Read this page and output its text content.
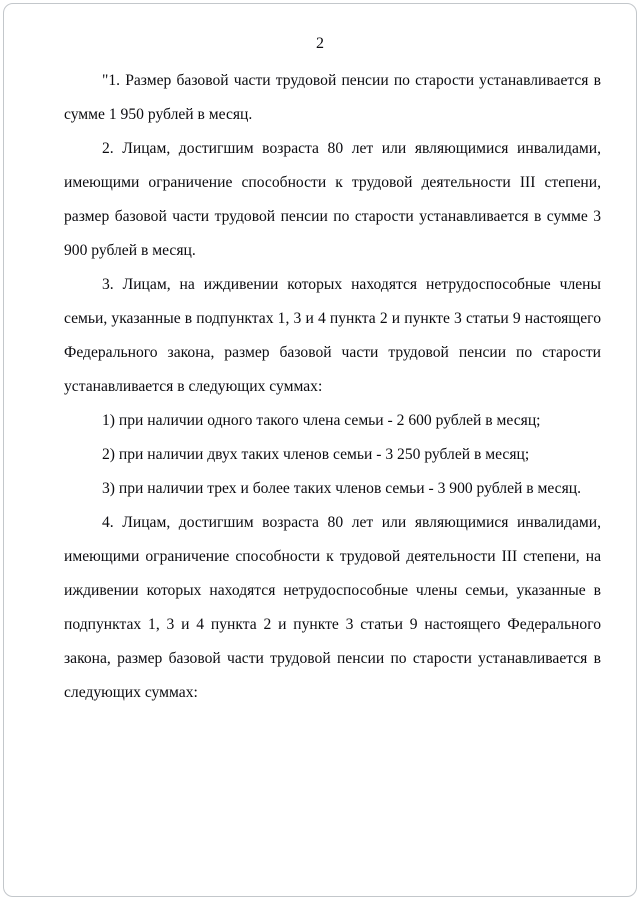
2

"1. Размер базовой части трудовой пенсии по старости устанавливается в сумме 1 950 рублей в месяц.

2. Лицам, достигшим возраста 80 лет или являющимися инвалидами, имеющими ограничение способности к трудовой деятельности III степени, размер базовой части трудовой пенсии по старости устанавливается в сумме 3 900 рублей в месяц.

3. Лицам, на иждивении которых находятся нетрудоспособные члены семьи, указанные в подпунктах 1, 3 и 4 пункта 2 и пункте 3 статьи 9 настоящего Федерального закона, размер базовой части трудовой пенсии по старости устанавливается в следующих суммах:

1) при наличии одного такого члена семьи - 2 600 рублей в месяц;

2) при наличии двух таких членов семьи - 3 250 рублей в месяц;

3) при наличии трех и более таких членов семьи - 3 900 рублей в месяц.

4. Лицам, достигшим возраста 80 лет или являющимися инвалидами, имеющими ограничение способности к трудовой деятельности III степени, на иждивении которых находятся нетрудоспособные члены семьи, указанные в подпунктах 1, 3 и 4 пункта 2 и пункте 3 статьи 9 настоящего Федерального закона, размер базовой части трудовой пенсии по старости устанавливается в следующих суммах:
